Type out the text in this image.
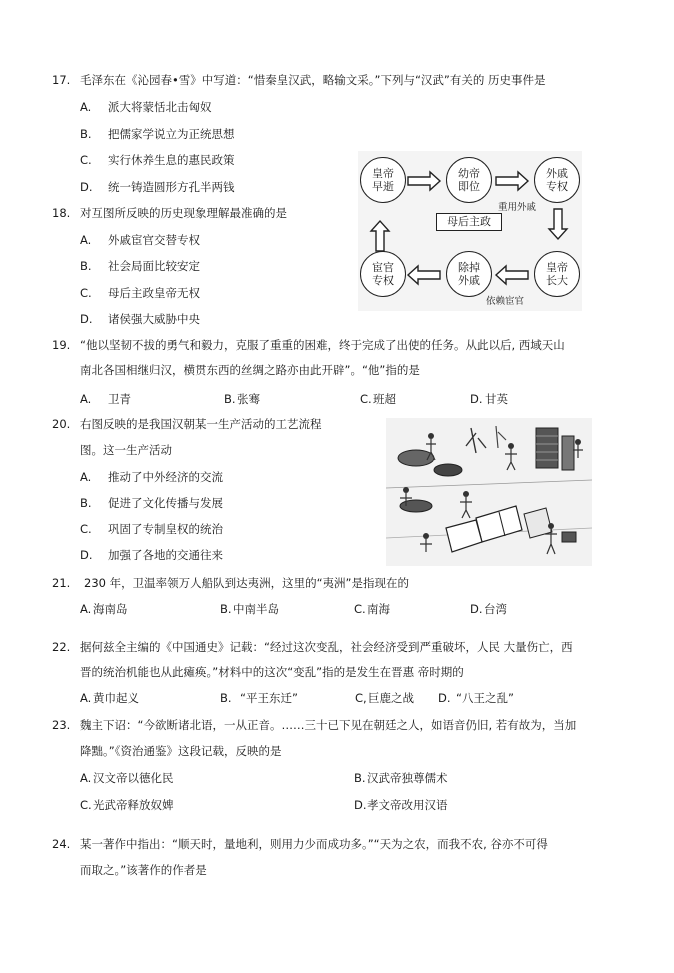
17. 毛泽东在《沁园春•雪》中写道：“惜秦皇汉武，略输文采。”下列与“汉武”有关的 历史事件是
A. 派大将蒙恬北击匈奴
B. 把儒家学说立为正统思想
C. 实行休养生息的惠民政策
D. 统一铸造圆形方孔半两钱
18. 对互图所反映的历史现象理解最准确的是
A. 外戚宦官交替专权
B. 社会局面比较安定
C. 母后主政皇帝无权
D. 诸侯强大威胁中央
皇帝
早逝
幼帝
即位
外戚
专权
皇帝
长大
除掉
外戚
宦官
专权
母后主政
重用外戚
依赖宦官
19. “他以坚韧不拔的勇气和毅力，克服了重重的困难，终于完成了出使的任务。从此以后, 西域天山
南北各国相继归汉，横贯东西的丝绸之路亦由此开辟”。“他”指的是
A. 卫青	B. 张骞	C. 班超	D. 甘英
20. 右图反映的是我国汉朝某一生产活动的工艺流程
图。这一生产活动
A. 推动了中外经济的交流
B. 促进了文化传播与发展
C. 巩固了专制皇权的统治
D. 加强了各地的交通往来
21. 230 年，卫温率领万人船队到达夷洲，这里的“夷洲”是指现在的
A. 海南岛	B. 中南半岛	C. 南海	D. 台湾
22. 据何兹全主编的《中国通史》记载：“经过这次变乱，社会经济受到严重破坏，人民 大量伤亡，西
晋的统治机能也从此瘫痪。”材料中的这次“变乱”指的是发生在晋惠 帝时期的
A. 黄巾起义	B. “平王东迁”	C, 巨鹿之战 D. “八王之乱”
23. 魏主下诏：“今欲断诸北语，一从正音。……三十已下见在朝廷之人，如语音仍旧, 若有故为，当加
降黜。”《资治通鉴》这段记载，反映的是
A. 汉文帝以德化民	B. 汉武帝独尊儒术
C. 光武帝释放奴婢	D. 孝文帝改用汉语
24. 某一著作中指出：“顺天时，量地利，则用力少而成功多。”“天为之农，而我不农, 谷亦不可得
而取之。”该著作的作者是
